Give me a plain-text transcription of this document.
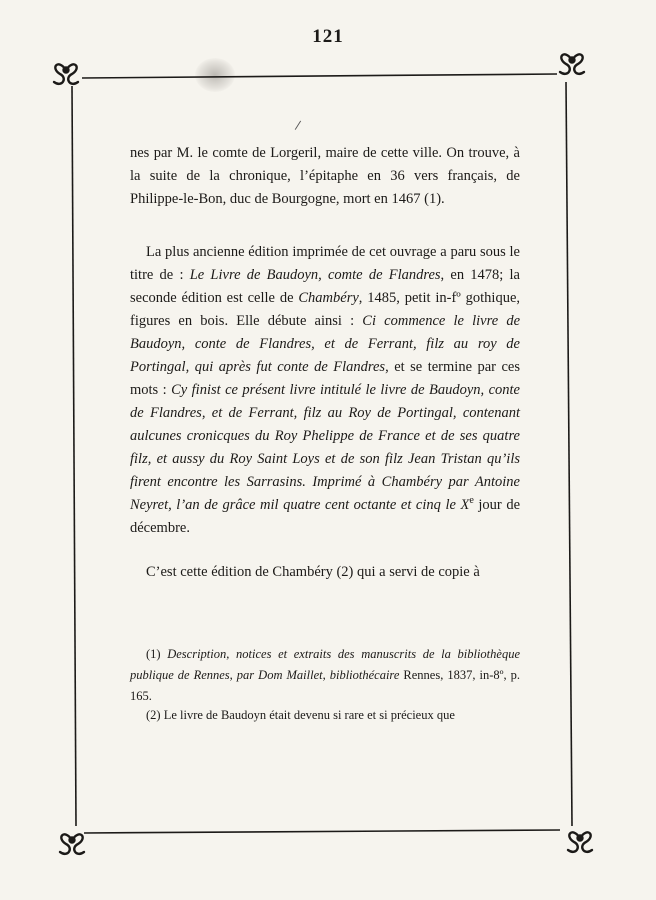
121
/

nes par M. le comte de Lorgeril, maire de cette ville. On trouve, à la suite de la chronique, l’épitaphe en 36 vers français, de Philippe-le-Bon, duc de Bourgogne, mort en 1467 (1).

La plus ancienne édition imprimée de cet ouvrage a paru sous le titre de : Le Livre de Baudoyn, comte de Flandres, en 1478; la seconde édition est celle de Chambéry, 1485, petit in-fº gothique, figures en bois. Elle débute ainsi : Ci commence le livre de Baudoyn, conte de Flandres, et de Ferrant, filz au roy de Portingal, qui après fut conte de Flandres, et se termine par ces mots : Cy finist ce présent livre intitulé le livre de Baudoyn, conte de Flandres, et de Ferrant, filz au Roy de Portingal, contenant aulcunes cronicques du Roy Phelippe de France et de ses quatre filz, et aussy du Roy Saint Loys et de son filz Jean Tristan qu’ils firent encontre les Sarrasins. Imprimé à Chambéry par Antoine Neyret, l’an de grâce mil quatre cent octante et cinq le Xe jour de décembre.

C’est cette édition de Chambéry (2) qui a servi de copie à

(1) Description, notices et extraits des manuscrits de la bibliothèque publique de Rennes, par Dom Maillet, bibliothécaire Rennes, 1837, in-8º, p. 165.

(2) Le livre de Baudoyn était devenu si rare et si précieux que
